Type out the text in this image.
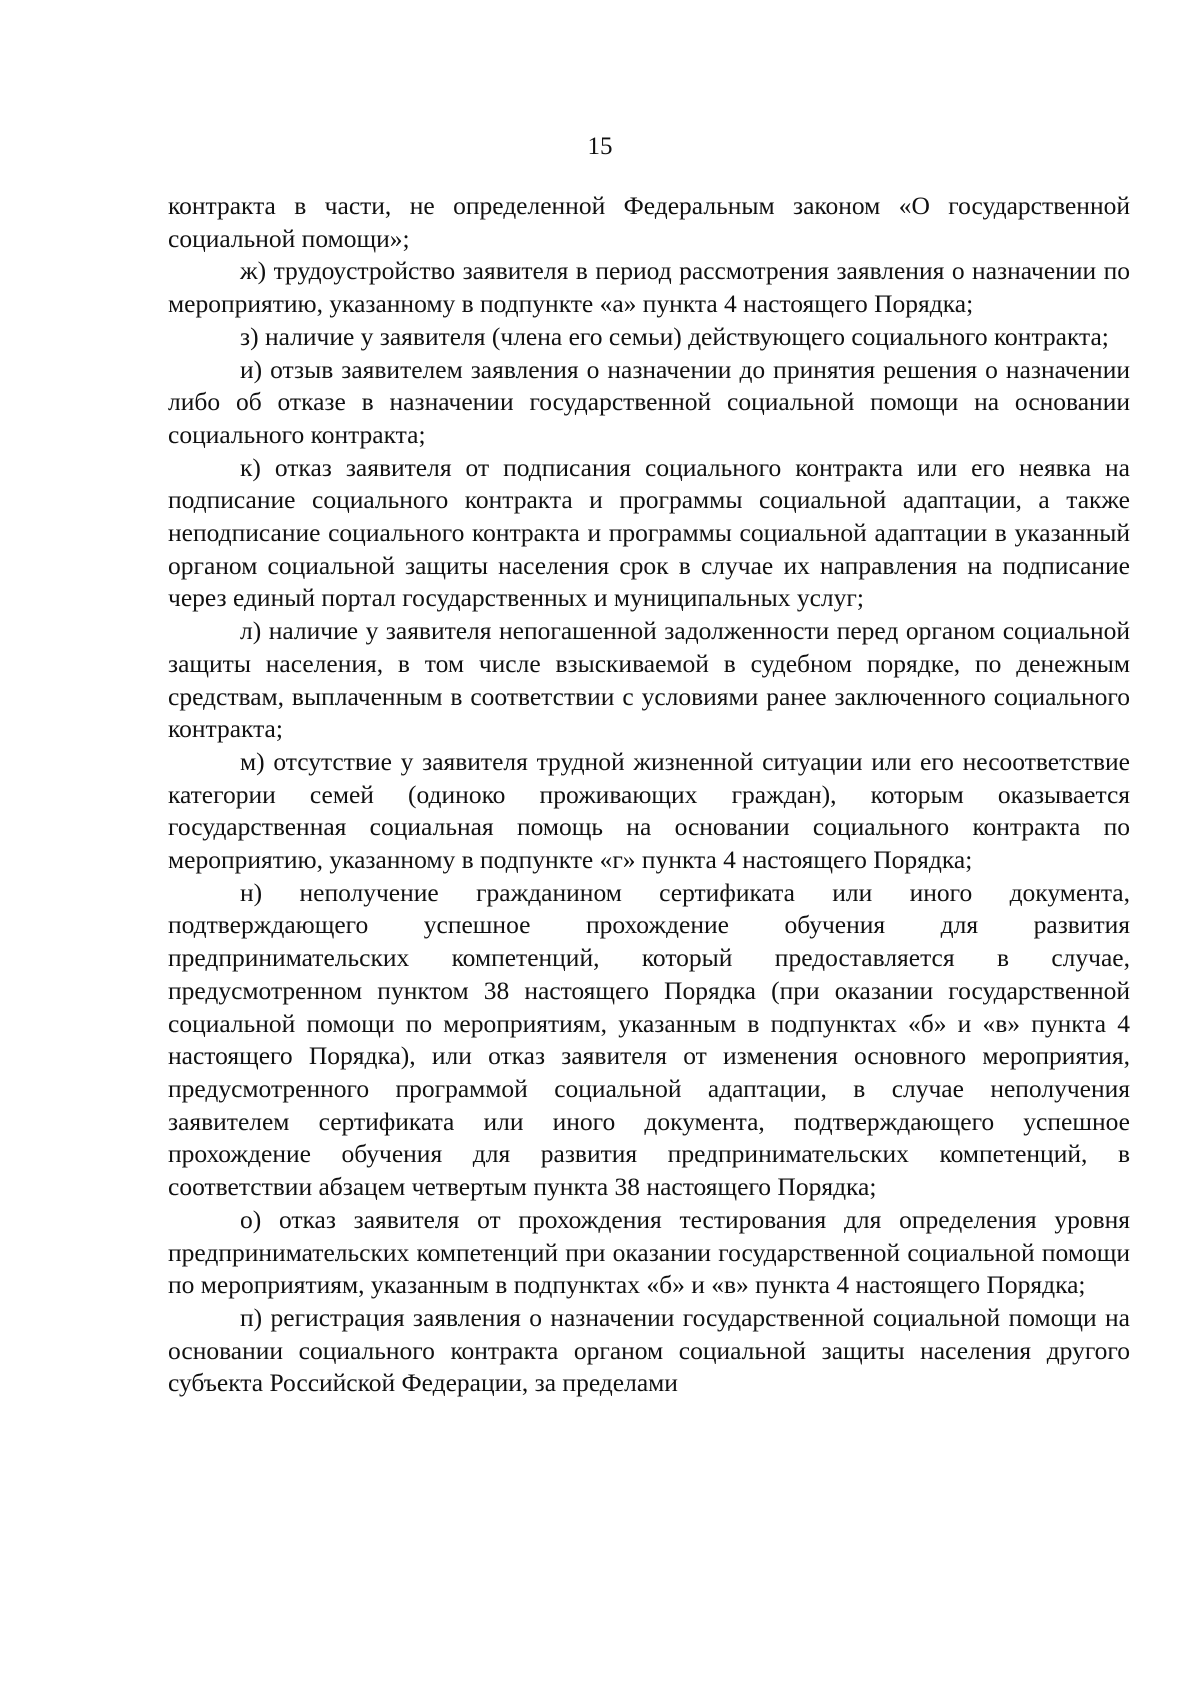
15

контракта в части, не определенной Федеральным законом «О государственной социальной помощи»;

ж) трудоустройство заявителя в период рассмотрения заявления о назначении по мероприятию, указанному в подпункте «а» пункта 4 настоящего Порядка;

з) наличие у заявителя (члена его семьи) действующего социального контракта;

и) отзыв заявителем заявления о назначении до принятия решения о назначении либо об отказе в назначении государственной социальной помощи на основании социального контракта;

к) отказ заявителя от подписания социального контракта или его неявка на подписание социального контракта и программы социальной адаптации, а также неподписание социального контракта и программы социальной адаптации в указанный органом социальной защиты населения срок в случае их направления на подписание через единый портал государственных и муниципальных услуг;

л) наличие у заявителя непогашенной задолженности перед органом социальной защиты населения, в том числе взыскиваемой в судебном порядке, по денежным средствам, выплаченным в соответствии с условиями ранее заключенного социального контракта;

м) отсутствие у заявителя трудной жизненной ситуации или его несоответствие категории семей (одиноко проживающих граждан), которым оказывается государственная социальная помощь на основании социального контракта по мероприятию, указанному в подпункте «г» пункта 4 настоящего Порядка;

н) неполучение гражданином сертификата или иного документа, подтверждающего успешное прохождение обучения для развития предпринимательских компетенций, который предоставляется в случае, предусмотренном пунктом 38 настоящего Порядка (при оказании государственной социальной помощи по мероприятиям, указанным в подпунктах «б» и «в» пункта 4 настоящего Порядка), или отказ заявителя от изменения основного мероприятия, предусмотренного программой социальной адаптации, в случае неполучения заявителем сертификата или иного документа, подтверждающего успешное прохождение обучения для развития предпринимательских компетенций, в соответствии абзацем четвертым пункта 38 настоящего Порядка;

о) отказ заявителя от прохождения тестирования для определения уровня предпринимательских компетенций при оказании государственной социальной помощи по мероприятиям, указанным в подпунктах «б» и «в» пункта 4 настоящего Порядка;

п) регистрация заявления о назначении государственной социальной помощи на основании социального контракта органом социальной защиты населения другого субъекта Российской Федерации, за пределами
